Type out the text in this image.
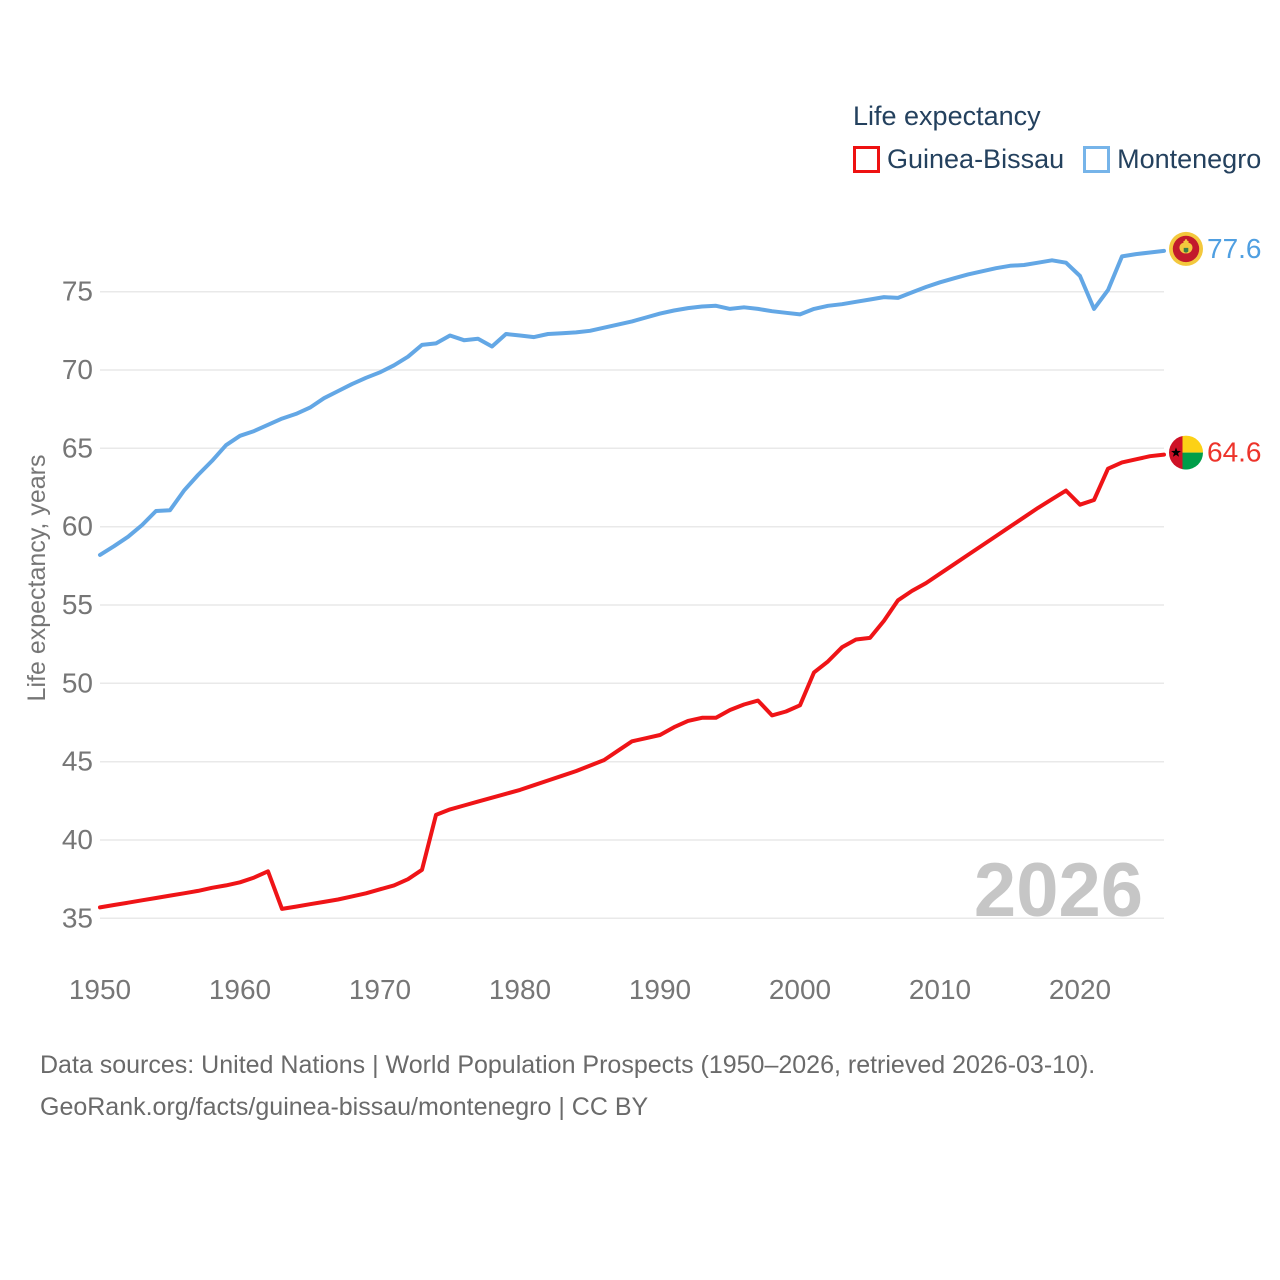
2026
Life expectancy, years
35
40
45
50
55
60
65
70
75
1950	1960	1970	1980	1990	2000	2010	2020
64.6
77.6
Life expectancy
Guinea-Bissau Montenegro
Data sources: United Nations | World Population Prospects (1950–2026, retrieved 2026-03-10).
GeoRank.org/facts/guinea-bissau/montenegro | CC BY
